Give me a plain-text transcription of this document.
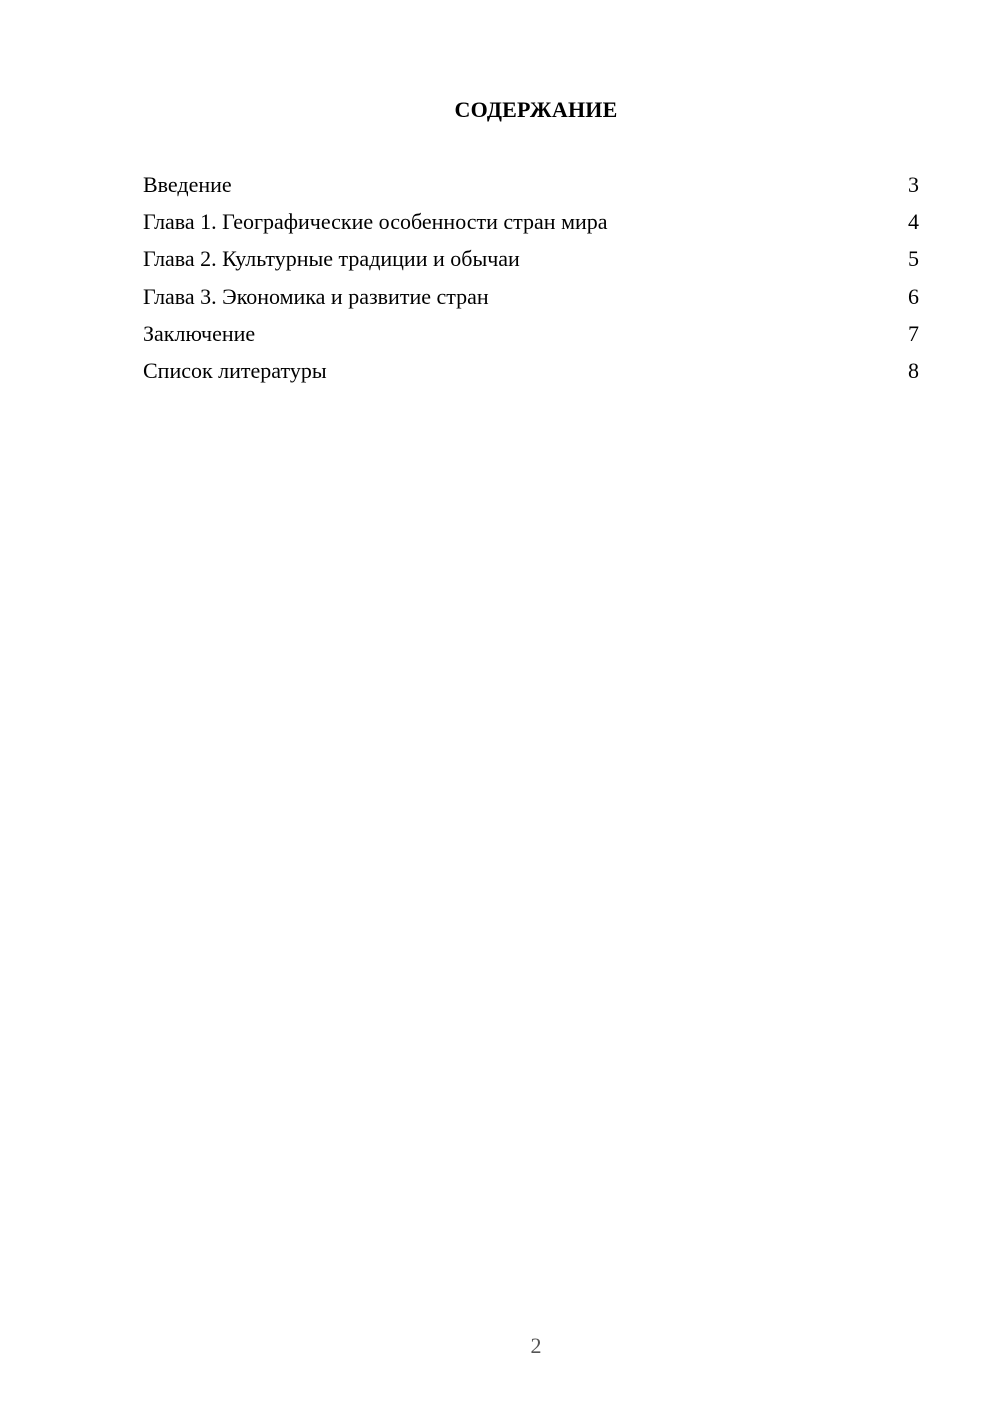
СОДЕРЖАНИЕ
Введение	3
Глава 1. Географические особенности стран мира	4
Глава 2. Культурные традиции и обычаи	5
Глава 3. Экономика и развитие стран	6
Заключение	7
Список литературы	8
2
